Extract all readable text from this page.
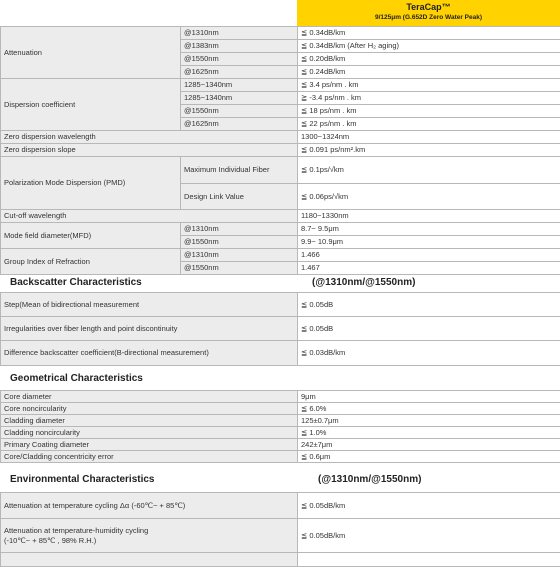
TeraCap™
9/125μm (G.652D Zero Water Peak)
Attenuation	@1310nm	≦ 0.34dB/km
	@1383nm	≦ 0.34dB/km (After H₂ aging)
	@1550nm	≦ 0.20dB/km
	@1625nm	≦ 0.24dB/km
Dispersion coefficient	1285~1340nm	≦ 3.4 ps/nm . km
	1285~1340nm	≧ -3.4 ps/nm . km
	@1550nm	≦ 18 ps/nm . km
	@1625nm	≦ 22 ps/nm . km
Zero dispersion wavelength		1300~1324nm
Zero dispersion slope		≦ 0.091 ps/nm².km
Polarization Mode Dispersion (PMD)	Maximum Individual Fiber	≦ 0.1ps/√km
	Design Link Value	≦ 0.06ps/√km
Cut-off wavelength		1180~1330nm
Mode field diameter(MFD)	@1310nm	8.7~ 9.5μm
	@1550nm	9.9~ 10.9μm
Group Index of Refraction	@1310nm	1.466
	@1550nm	1.467
Backscatter Characteristics	(@1310nm/@1550nm)
Step(Mean of bidirectional measurement	≦ 0.05dB
Irregularities over fiber length and point discontinuity	≦ 0.05dB
Difference backscatter coefficient(B-directional measurement)	≦ 0.03dB/km
Geometrical Characteristics
Core diameter	9μm
Core noncircularity	≦ 6.0%
Cladding diameter	125±0.7μm
Cladding noncircularity	≦ 1.0%
Primary Coating diameter	242±7μm
Core/Cladding concentricity error	≦ 0.6μm
Environmental Characteristics	(@1310nm/@1550nm)
Attenuation at temperature cycling Δα (-60℃~ + 85℃)	≦ 0.05dB/km

Attenuation at temperature-humidity cycling
(-10℃~ + 85℃ , 98% R.H.)	≦ 0.05dB/km
